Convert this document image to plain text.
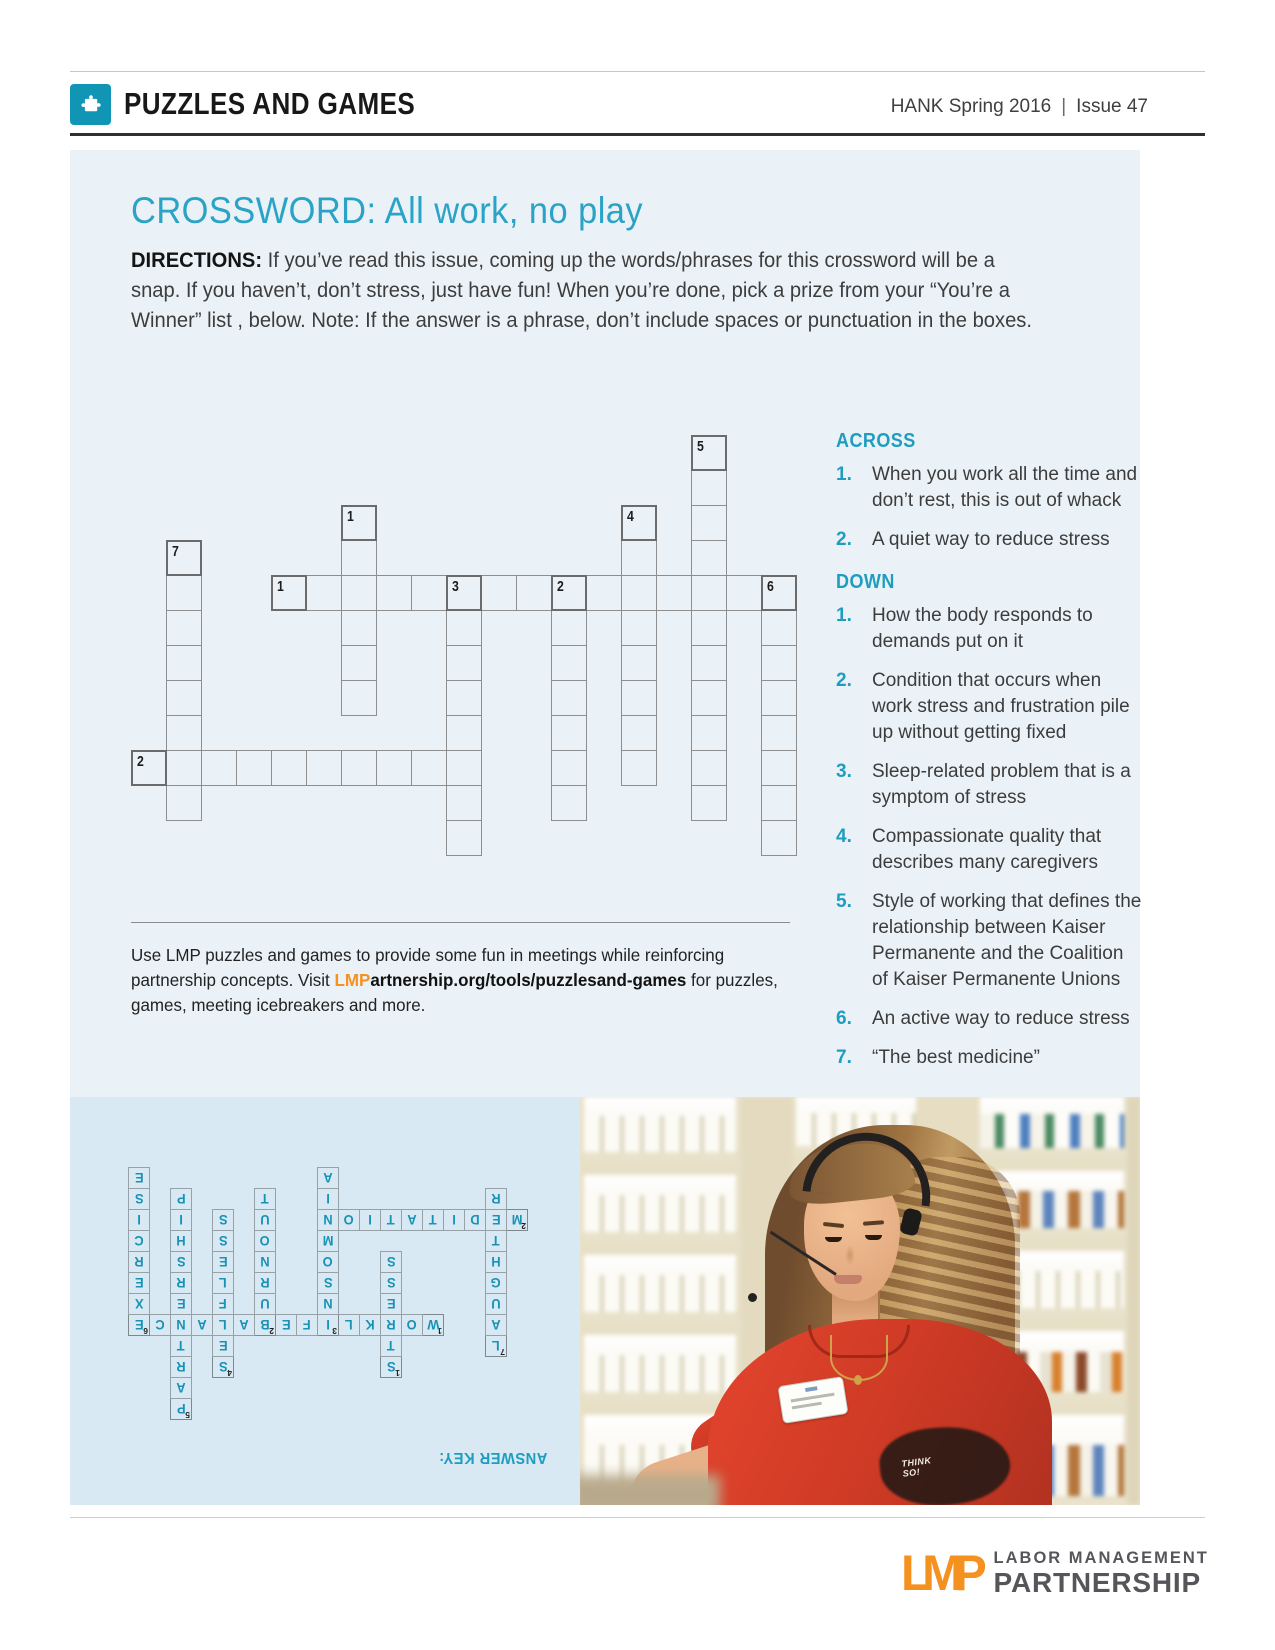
PUZZLES AND GAMES	HANK Spring 2016 | Issue 47
CROSSWORD: All work, no play
DIRECTIONS: If you’ve read this issue, coming up the words/phrases for this crossword will be a snap. If you haven’t, don’t stress, just have fun! When you’re done, pick a prize from your “You’re a Winner” list , below. Note: If the answer is a phrase, don’t include spaces or punctuation in the boxes.
1	3	2	6
2
1	4
5
7
ACROSS
1.	When you work all the time and don’t rest, this is out of whack
2.	A quiet way to reduce stress
DOWN
1.	How the body responds to demands put on it
2.	Condition that occurs when work stress and frustration pile up without getting fixed
3.	Sleep-related problem that is a symptom of stress
4.	Compassionate quality that describes many caregivers
5.	Style of working that defines the relationship between Kaiser Permanente and the Coalition of Kaiser Permanente Unions
6.	An active way to reduce stress
7.	“The best medicine”
Use LMP puzzles and games to provide some fun in meetings while reinforcing partnership concepts. Visit LMPartnership.org/tools/puzzlesand-games for puzzles, games, meeting icebreakers and more.
1
W
O
R
K
L
3
I
F
E
2
B
A
L
A
N
C
6
E
2
M
E
D
I
T
A
T
I
O
N
1
S
T
E
S
S
U
R
N
O
U
T
N
S
O
M
I
A
4
S
E
F
L
E
S
S
5
P
A
R
T
E
R
S
H
I
P
X
E
R
C
I
S
E
7
L
A
U
G
H
T
R
ANSWER KEY:	THINK SO!
LMP LABOR MANAGEMENT
PARTNERSHIP
